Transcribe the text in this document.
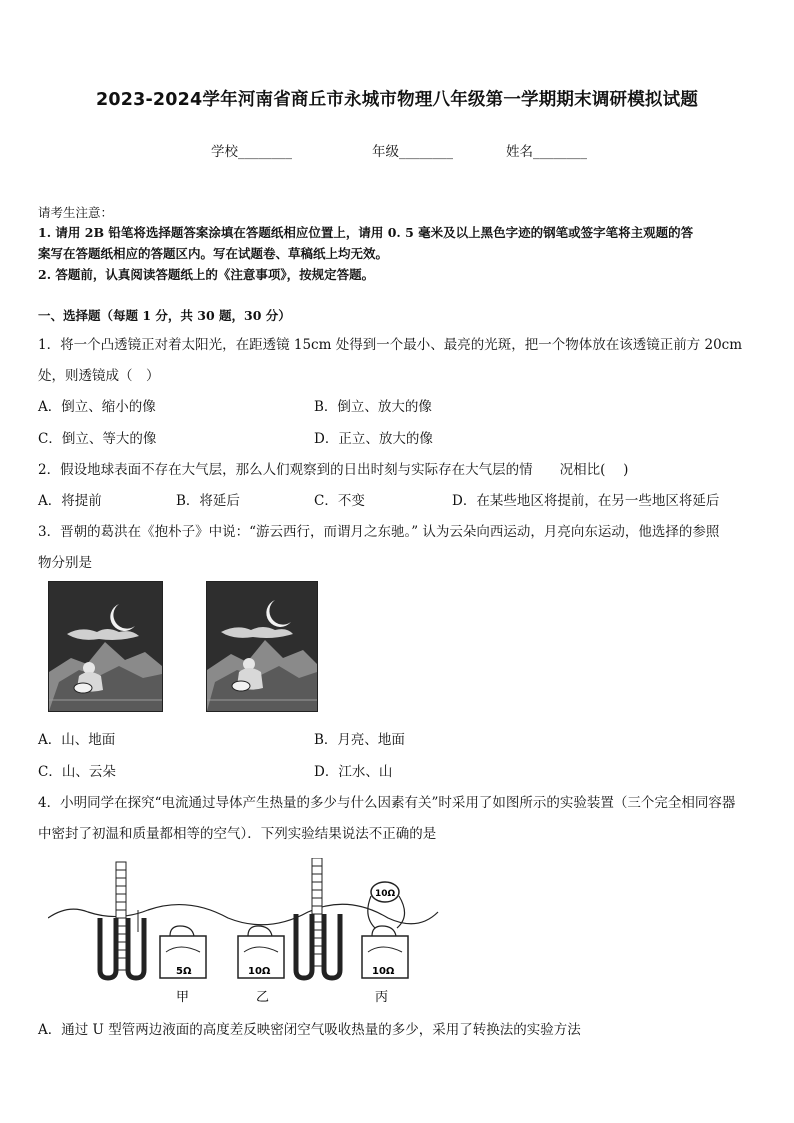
2023-2024学年河南省商丘市永城市物理八年级第一学期期末调研模拟试题
学校________	年级________	姓名________
请考生注意：
1. 请用 2B 铅笔将选择题答案涂填在答题纸相应位置上，请用 0. 5 毫米及以上黑色字迹的钢笔或签字笔将主观题的答
案写在答题纸相应的答题区内。写在试题卷、草稿纸上均无效。
2. 答题前，认真阅读答题纸上的《注意事项》，按规定答题。
一、选择题（每题 1 分，共 30 题，30 分）
1．将一个凸透镜正对着太阳光，在距透镜 15cm 处得到一个最小、最亮的光斑，把一个物体放在该透镜正前方 20cm
处，则透镜成（　）
A．倒立、缩小的像	B．倒立、放大的像
C．倒立、等大的像	D．正立、放大的像
2．假设地球表面不存在大气层，那么人们观察到的日出时刻与实际存在大气层的情　　况相比(　 )
A．将提前	B．将延后	C．不变	D．在某些地区将提前，在另一些地区将延后
3．晋朝的葛洪在《抱朴子》中说：“游云西行，而谓月之东驰。” 认为云朵向西运动，月亮向东运动，他选择的参照
物分别是
A．山、地面	B．月亮、地面
C．山、云朵	D．江水、山
4．小明同学在探究“电流通过导体产生热量的多少与什么因素有关”时采用了如图所示的实验装置（三个完全相同容器
中密封了初温和质量都相等的空气）．下列实验结果说法不正确的是
5Ω	10Ω	10Ω
10Ω
甲	乙	丙
A．通过 U 型管两边液面的高度差反映密闭空气吸收热量的多少，采用了转换法的实验方法
